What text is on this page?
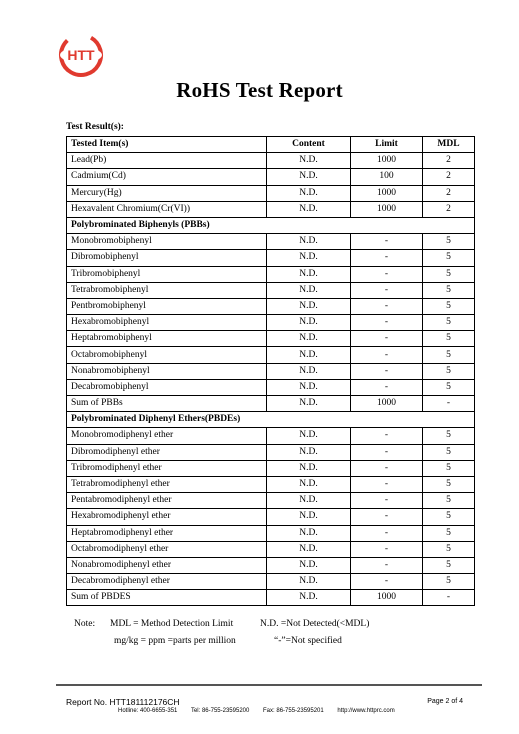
HTT
RoHS Test Report
Test Result(s):
Tested Item(s)	Content	Limit	MDL
Lead(Pb)	N.D.	1000	2
Cadmium(Cd)	N.D.	100	2
Mercury(Hg)	N.D.	1000	2
Hexavalent Chromium(Cr(VI))	N.D.	1000	2
Polybrominated Biphenyls (PBBs)			
Monobromobiphenyl	N.D.	-	5
Dibromobiphenyl	N.D.	-	5
Tribromobiphenyl	N.D.	-	5
Tetrabromobiphenyl	N.D.	-	5
Pentbromobiphenyl	N.D.	-	5
Hexabromobiphenyl	N.D.	-	5
Heptabromobiphenyl	N.D.	-	5
Octabromobiphenyl	N.D.	-	5
Nonabromobiphenyl	N.D.	-	5
Decabromobiphenyl	N.D.	-	5
Sum of PBBs	N.D.	1000	-
Polybrominated Diphenyl Ethers(PBDEs)			
Monobromodiphenyl ether	N.D.	-	5
Dibromodiphenyl ether	N.D.	-	5
Tribromodiphenyl ether	N.D.	-	5
Tetrabromodiphenyl ether	N.D.	-	5
Pentabromodiphenyl ether	N.D.	-	5
Hexabromodiphenyl ether	N.D.	-	5
Heptabromodiphenyl ether	N.D.	-	5
Octabromodiphenyl ether	N.D.	-	5
Nonabromodiphenyl ether	N.D.	-	5
Decabromodiphenyl ether	N.D.	-	5
Sum of PBDES	N.D.	1000	-
Note: MDL = Method Detection Limit	N.D. =Not Detected(<MDL)
mg/kg = ppm =parts per million	“-”=Not specified
Report No. HTT181112176CH	Page 2 of 4
Hotline: 400-6655-351 Tel: 86-755-23595200 Fax: 86-755-23595201 http://www.httprc.com
